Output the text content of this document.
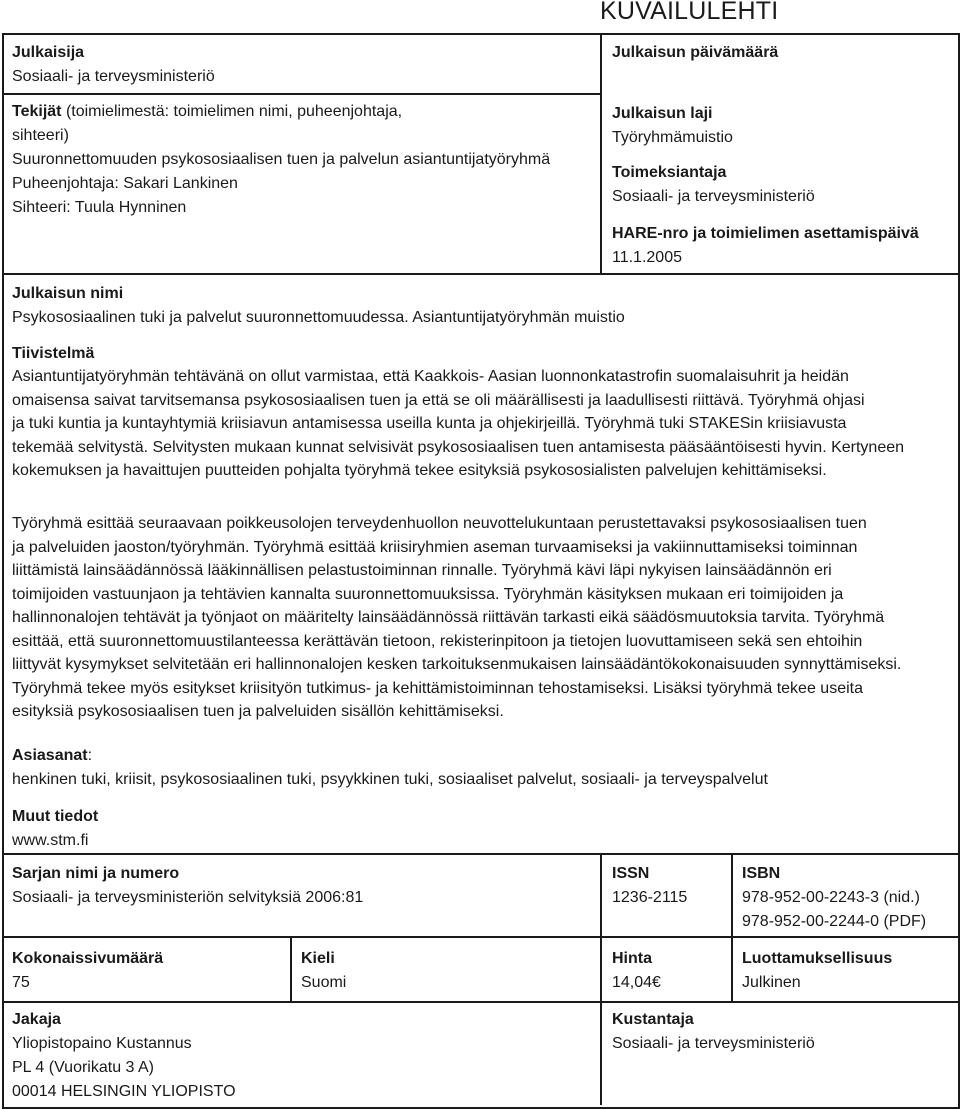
KUVAILULEHTI
Julkaisija
Sosiaali- ja terveysministeriö
Tekijät (toimielimestä: toimielimen nimi, puheenjohtaja,
sihteeri)
Suuronnettomuuden psykososiaalisen tuen ja palvelun asiantuntijatyöryhmä
Puheenjohtaja: Sakari Lankinen
Sihteeri: Tuula Hynninen
Julkaisun päivämäärä
Julkaisun laji
Työryhmämuistio
Toimeksiantaja
Sosiaali- ja terveysministeriö
HARE-nro ja toimielimen asettamispäivä
11.1.2005
Julkaisun nimi
Psykososiaalinen tuki ja palvelut suuronnettomuudessa. Asiantuntijatyöryhmän muistio
Tiivistelmä
Asiantuntijatyöryhmän tehtävänä on ollut varmistaa, että Kaakkois- Aasian luonnonkatastrofin suomalaisuhrit ja heidän
omaisensa saivat tarvitsemansa psykososiaalisen tuen ja että se oli määrällisesti ja laadullisesti riittävä. Työryhmä ohjasi
ja tuki kuntia ja kuntayhtymiä kriisiavun antamisessa useilla kunta ja ohjekirjeillä. Työryhmä tuki STAKESin kriisiavusta
tekemää selvitystä. Selvitysten mukaan kunnat selvisivät psykososiaalisen tuen antamisesta pääsääntöisesti hyvin. Kertyneen
kokemuksen ja havaittujen puutteiden pohjalta työryhmä tekee esityksiä psykososialisten palvelujen kehittämiseksi.
Työryhmä esittää seuraavaan poikkeusolojen terveydenhuollon neuvottelukuntaan perustettavaksi psykososiaalisen tuen
ja palveluiden jaoston/työryhmän. Työryhmä esittää kriisiryhmien aseman turvaamiseksi ja vakiinnuttamiseksi toiminnan
liittämistä lainsäädännössä lääkinnällisen pelastustoiminnan rinnalle. Työryhmä kävi läpi nykyisen lainsäädännön eri
toimijoiden vastuunjaon ja tehtävien kannalta suuronnettomuuksissa. Työryhmän käsityksen mukaan eri toimijoiden ja
hallinnonalojen tehtävät ja työnjaot on määritelty lainsäädännössä riittävän tarkasti eikä säädösmuutoksia tarvita. Työryhmä
esittää, että suuronnettomuustilanteessa kerättävän tietoon, rekisterinpitoon ja tietojen luovuttamiseen sekä sen ehtoihin
liittyvät kysymykset selvitetään eri hallinnonalojen kesken tarkoituksenmukaisen lainsäädäntökokonaisuuden synnyttämiseksi.
Työryhmä tekee myös esitykset kriisityön tutkimus- ja kehittämistoiminnan tehostamiseksi. Lisäksi työryhmä tekee useita
esityksiä psykososiaalisen tuen ja palveluiden sisällön kehittämiseksi.
Asiasanat:
henkinen tuki, kriisit, psykososiaalinen tuki, psyykkinen tuki, sosiaaliset palvelut, sosiaali- ja terveyspalvelut
Muut tiedot
www.stm.fi
Sarjan nimi ja numero
Sosiaali- ja terveysministeriön selvityksiä 2006:81
ISSN
1236-2115
ISBN
978-952-00-2243-3 (nid.)
978-952-00-2244-0 (PDF)
Kokonaissivumäärä
75
Kieli
Suomi
Hinta
14,04€
Luottamuksellisuus
Julkinen
Jakaja
Yliopistopaino Kustannus
PL 4 (Vuorikatu 3 A)
00014 HELSINGIN YLIOPISTO
Kustantaja
Sosiaali- ja terveysministeriö
